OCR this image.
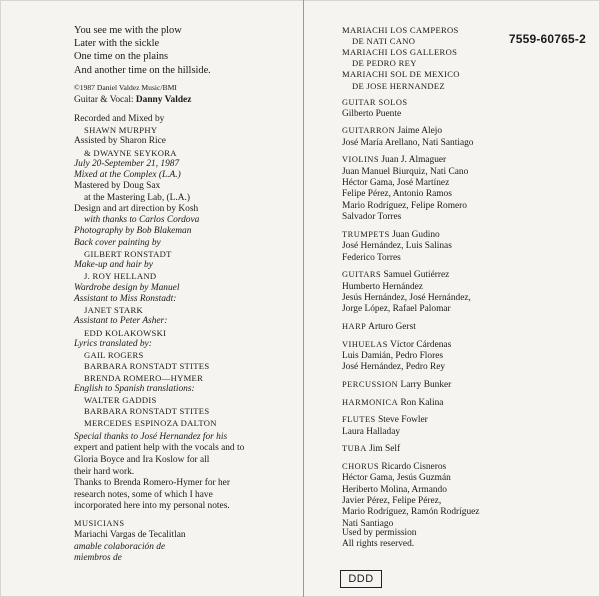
7559-60765-2
You see me with the plow
Later with the sickle
One time on the plains
And another time on the hillside.
©1987 Daniel Valdez Music/BMI
Guitar & Vocal: Danny Valdez
Recorded and Mixed by
SHAWN MURPHY
Assisted by Sharon Rice
& DWAYNE SEYKORA
July 20-September 21, 1987
Mixed at the Complex (L.A.)
Mastered by Doug Sax
at the Mastering Lab, (L.A.)
Design and art direction by Kosh
with thanks to Carlos Cordova
Photography by Bob Blakeman
Back cover painting by
GILBERT RONSTADT
Make-up and hair by
J. ROY HELLAND
Wardrobe design by Manuel
Assistant to Miss Ronstadt:
JANET STARK
Assistant to Peter Asher:
EDD KOLAKOWSKI
Lyrics translated by:
GAIL ROGERS
BARBARA RONSTADT STITES
BRENDA ROMERO—HYMER
English to Spanish translations:
WALTER GADDIS
BARBARA RONSTADT STITES
MERCEDES ESPINOZA DALTON
Special thanks to José Hernandez for his
expert and patient help with the vocals and to
Gloria Boyce and Ira Koslow for all
their hard work.
Thanks to Brenda Romero-Hymer for her
research notes, some of which I have
incorporated here into my personal notes.
MUSICIANS
Mariachi Vargas de Tecalitlan
amable colaboración de
miembros de
MARIACHI LOS CAMPEROS
DE NATI CANO
MARIACHI LOS GALLEROS
DE PEDRO REY
MARIACHI SOL DE MEXICO
DE JOSE HERNANDEZ
GUITAR SOLOS
Gilberto Puente
GUITARRON Jaime Alejo
José María Arellano, Nati Santiago
VIOLINS Juan J. Almaguer
Juan Manuel Biurquiz, Nati Cano
Héctor Gama, José Martínez
Felipe Pérez, Antonio Ramos
Mario Rodríguez, Felipe Romero
Salvador Torres
TRUMPETS Juan Gudino
José Hernández, Luis Salinas
Federico Torres
GUITARS Samuel Gutiérrez
Humberto Hernández
Jesús Hernández, José Hernández,
Jorge López, Rafael Palomar
HARP Arturo Gerst
VIHUELAS Víctor Cárdenas
Luis Damián, Pedro Flores
José Hernández, Pedro Rey
PERCUSSION Larry Bunker
HARMONICA Ron Kalina
FLUTES Steve Fowler
Laura Halladay
TUBA Jim Self
CHORUS Ricardo Cisneros
Héctor Gama, Jesús Guzmán
Heriberto Molina, Armando
Javier Pérez, Felipe Pérez,
Mario Rodríguez, Ramón Rodríguez
Nati Santiago
Used by permission
All rights reserved.
DDD
